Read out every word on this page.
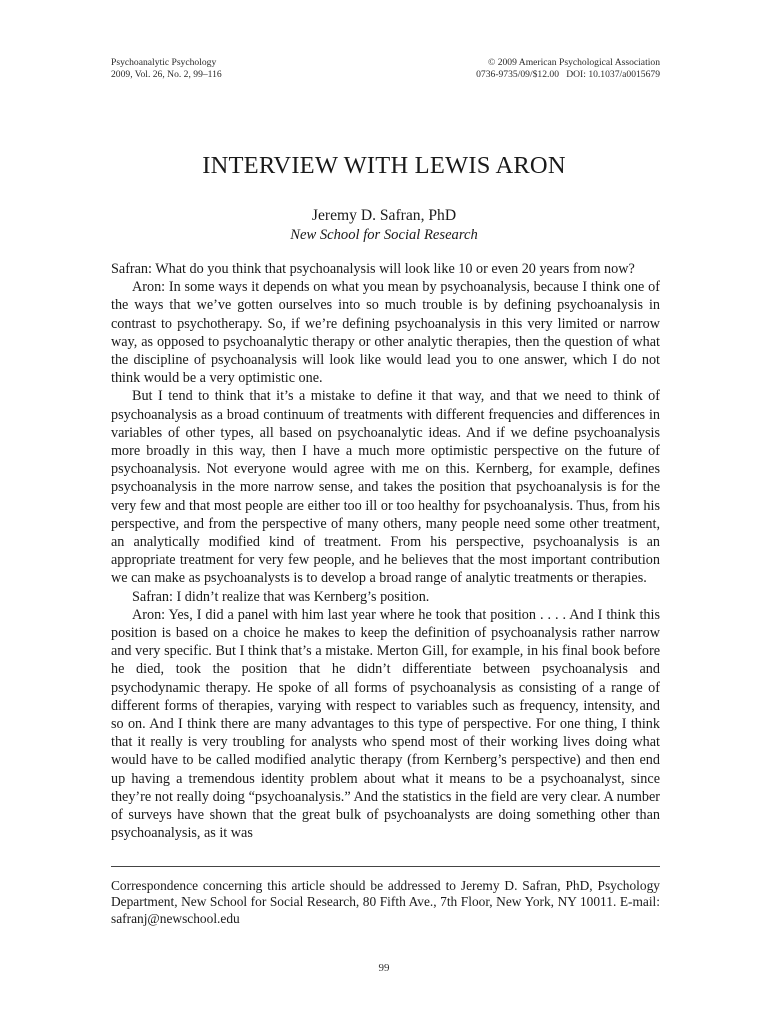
Psychoanalytic Psychology
2009, Vol. 26, No. 2, 99–116
© 2009 American Psychological Association
0736-9735/09/$12.00   DOI: 10.1037/a0015679
INTERVIEW WITH LEWIS ARON
Jeremy D. Safran, PhD
New School for Social Research

Safran: What do you think that psychoanalysis will look like 10 or even 20 years from now?

Aron: In some ways it depends on what you mean by psychoanalysis, because I think one of the ways that we’ve gotten ourselves into so much trouble is by defining psychoanalysis in contrast to psychotherapy. So, if we’re defining psychoanalysis in this very limited or narrow way, as opposed to psychoanalytic therapy or other analytic therapies, then the question of what the discipline of psychoanalysis will look like would lead you to one answer, which I do not think would be a very optimistic one.

But I tend to think that it’s a mistake to define it that way, and that we need to think of psychoanalysis as a broad continuum of treatments with different frequencies and differences in variables of other types, all based on psychoanalytic ideas. And if we define psychoanalysis more broadly in this way, then I have a much more optimistic perspective on the future of psychoanalysis. Not everyone would agree with me on this. Kernberg, for example, defines psychoanalysis in the more narrow sense, and takes the position that psychoanalysis is for the very few and that most people are either too ill or too healthy for psychoanalysis. Thus, from his perspective, and from the perspective of many others, many people need some other treatment, an analytically modified kind of treatment. From his perspective, psychoanalysis is an appropriate treatment for very few people, and he believes that the most important contribution we can make as psychoanalysts is to develop a broad range of analytic treatments or therapies.

Safran: I didn’t realize that was Kernberg’s position.

Aron: Yes, I did a panel with him last year where he took that position . . . . And I think this position is based on a choice he makes to keep the definition of psychoanalysis rather narrow and very specific. But I think that’s a mistake. Merton Gill, for example, in his final book before he died, took the position that he didn’t differentiate between psychoanalysis and psychodynamic therapy. He spoke of all forms of psychoanalysis as consisting of a range of different forms of therapies, varying with respect to variables such as frequency, intensity, and so on. And I think there are many advantages to this type of perspective. For one thing, I think that it really is very troubling for analysts who spend most of their working lives doing what would have to be called modified analytic therapy (from Kernberg’s perspective) and then end up having a tremendous identity problem about what it means to be a psychoanalyst, since they’re not really doing “psychoanalysis.” And the statistics in the field are very clear. A number of surveys have shown that the great bulk of psychoanalysts are doing something other than psychoanalysis, as it was

Correspondence concerning this article should be addressed to Jeremy D. Safran, PhD, Psychology Department, New School for Social Research, 80 Fifth Ave., 7th Floor, New York, NY 10011. E-mail: safranj@newschool.edu
99
